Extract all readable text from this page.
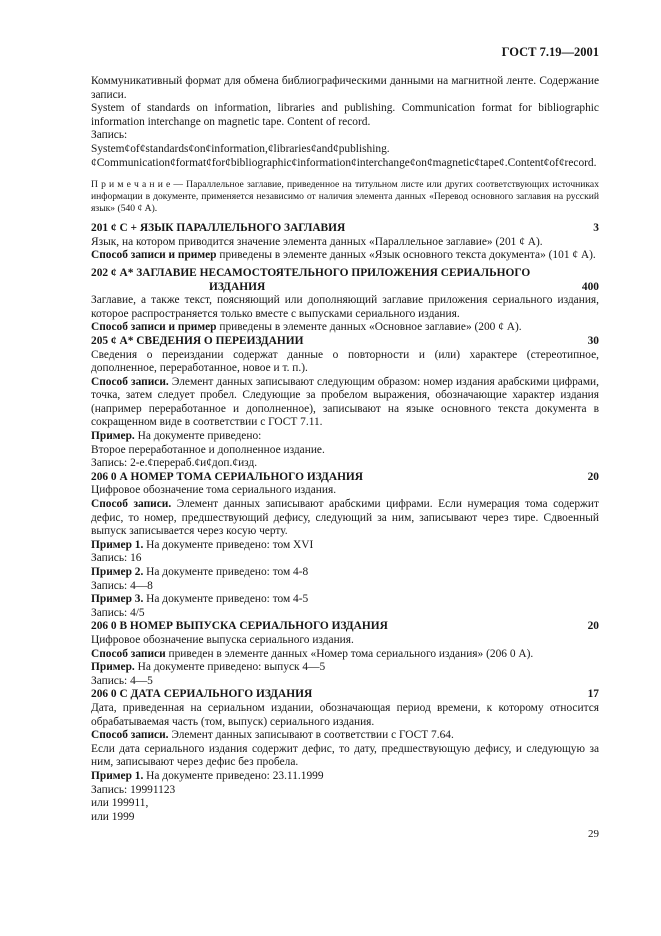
ГОСТ 7.19—2001

Коммуникативный формат для обмена библиографическими данными на магнитной ленте. Содержание записи.

System of standards on information, libraries and publishing. Communication format for bibliographic information interchange on magnetic tape. Content of record.

Запись:

System¢of¢standards¢on¢information,¢libraries¢and¢publishing.

¢Communication¢format¢for¢bibliographic¢information¢interchange¢on¢magnetic¢tape¢.Content¢of¢record.

П р и м е ч а н и е — Параллельное заглавие, приведенное на титульном листе или других соответствующих источниках информации в документе, применяется независимо от наличия элемента данных «Перевод основного заглавия на русский язык» (540 ¢ А).

201 ¢ С + ЯЗЫК ПАРАЛЛЕЛЬНОГО ЗАГЛАВИЯ	3

Язык, на котором приводится значение элемента данных «Параллельное заглавие» (201 ¢ А).

Способ записи и пример приведены в элементе данных «Язык основного текста документа» (101 ¢ А).

202 ¢ А* ЗАГЛАВИЕ НЕСАМОСТОЯТЕЛЬНОГО ПРИЛОЖЕНИЯ СЕРИАЛЬНОГО
ИЗДАНИЯ	400

Заглавие, а также текст, поясняющий или дополняющий заглавие приложения сериального издания, которое распространяется только вместе с выпусками сериального издания.

Способ записи и пример приведены в элементе данных «Основное заглавие» (200 ¢ А).

205 ¢ А* СВЕДЕНИЯ О ПЕРЕИЗДАНИИ	30

Сведения о переиздании содержат данные о повторности и (или) характере (стереотипное, дополненное, переработанное, новое и т. п.).

Способ записи. Элемент данных записывают следующим образом: номер издания арабскими цифрами, точка, затем следует пробел. Следующие за пробелом выражения, обозначающие характер издания (например переработанное и дополненное), записывают на языке основного текста документа в сокращенном виде в соответствии с ГОСТ 7.11.

Пример. На документе приведено:

Второе переработанное и дополненное издание.

Запись: 2-е.¢перераб.¢и¢доп.¢изд.

206 0 А НОМЕР ТОМА СЕРИАЛЬНОГО ИЗДАНИЯ	20

Цифровое обозначение тома сериального издания.

Способ записи. Элемент данных записывают арабскими цифрами. Если нумерация тома содержит дефис, то номер, предшествующий дефису, следующий за ним, записывают через тире. Сдвоенный выпуск записывается через косую черту.

Пример 1. На документе приведено: том XVI

Запись: 16

Пример 2. На документе приведено: том 4-8

Запись: 4—8

Пример 3. На документе приведено: том 4-5

Запись: 4/5

206 0 В НОМЕР ВЫПУСКА СЕРИАЛЬНОГО ИЗДАНИЯ	20

Цифровое обозначение выпуска сериального издания.

Способ записи приведен в элементе данных «Номер тома сериального издания» (206 0 А).

Пример. На документе приведено: выпуск 4—5

Запись: 4—5

206 0 С ДАТА СЕРИАЛЬНОГО ИЗДАНИЯ	17

Дата, приведенная на сериальном издании, обозначающая период времени, к которому относится обрабатываемая часть (том, выпуск) сериального издания.

Способ записи. Элемент данных записывают в соответствии с ГОСТ 7.64.

Если дата сериального издания содержит дефис, то дату, предшествующую дефису, и следующую за ним, записывают через дефис без пробела.

Пример 1. На документе приведено: 23.11.1999

Запись: 19991123

или 199911,

или 1999

29
